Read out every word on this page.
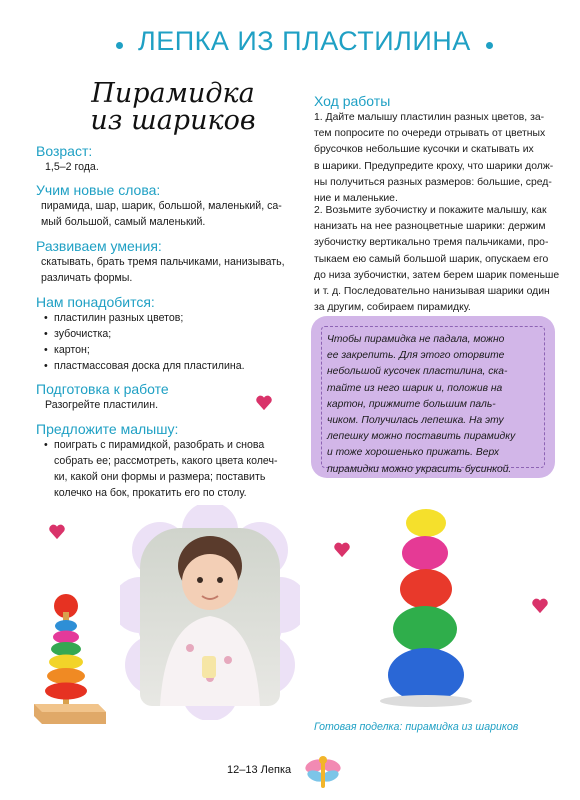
ЛЕПКА ИЗ ПЛАСТИЛИНА
Пирамидка
из шариков
Возраст:
1,5–2 года.
Учим новые слова:
пирамида, шар, шарик, большой, маленький, са-
мый большой, самый маленький.
Развиваем умения:
скатывать, брать тремя пальчиками, нанизывать,
различать формы.
Нам понадобится:
• пластилин разных цветов;
• зубочистка;
• картон;
• пластмассовая доска для пластилина.
Подготовка к работе
Разогрейте пластилин.
Предложите малышу:
• поиграть с пирамидкой, разобрать и снова
собрать ее; рассмотреть, какого цвета колеч-
ки, какой они формы и размера; поставить
колечко на бок, прокатить его по столу.
Ход работы
1. Дайте малышу пластилин разных цветов, за-
тем попросите по очереди отрывать от цветных
брусочков небольшие кусочки и скатывать их
в шарики. Предупредите кроху, что шарики долж-
ны получиться разных размеров: большие, сред-
ние и маленькие.
2. Возьмите зубочистку и покажите малышу, как
нанизать на нее разноцветные шарики: держим
зубочистку вертикально тремя пальчиками, про-
тыкаем ею самый большой шарик, опускаем его
до низа зубочистки, затем берем шарик поменьше
и т. д. Последовательно нанизывая шарики один
за другим, собираем пирамидку.
Чтобы пирамидка не падала, можно
ее закрепить. Для этого оторвите
небольшой кусочек пластилина, ска-
тайте из него шарик и, положив на
картон, прижмите большим паль-
чиком. Получилась лепешка. На эту
лепешку можно поставить пирамидку
и тоже хорошенько прижать. Верх
пирамидки можно украсить бусинкой.
Готовая поделка: пирамидка из шариков
12–13 Лепка
